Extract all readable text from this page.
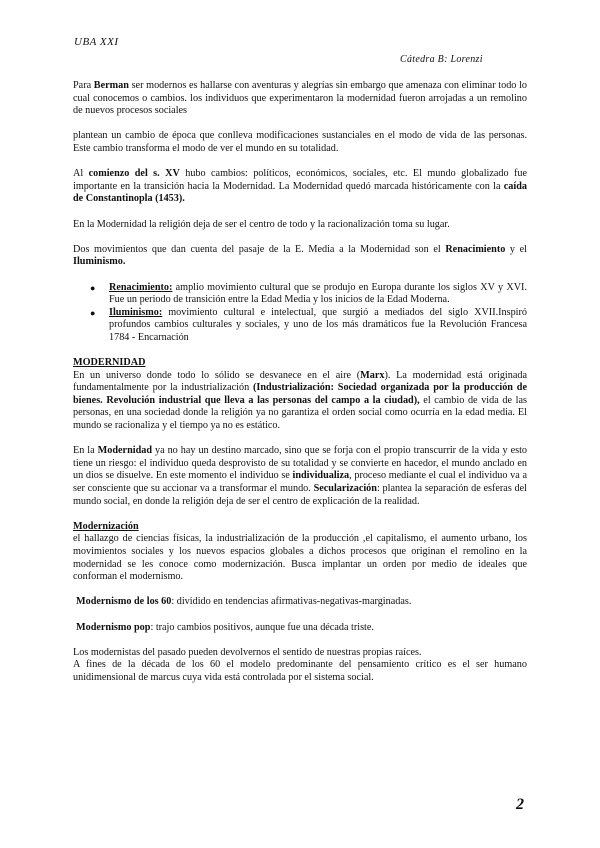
UBA XXI
Cátedra B: Lorenzi

Para Berman ser modernos es hallarse con aventuras y alegrías sin embargo que amenaza con eliminar todo lo cual conocemos o cambios. los individuos que experimentaron la modernidad fueron arrojadas a un remolino de nuevos procesos sociales

plantean un cambio de época que conlleva modificaciones sustanciales en el modo de vida de las personas. Este cambio transforma el modo de ver el mundo en su totalidad.

Al comienzo del s. XV hubo cambios: políticos, económicos, sociales, etc. El mundo globalizado fue importante en la transición hacia la Modernidad. La Modernidad quedó marcada históricamente con la caída de Constantinopla (1453).

En la Modernidad la religión deja de ser el centro de todo y la racionalización toma su lugar.

Dos movimientos que dan cuenta del pasaje de la E. Media a la Modernidad son el Renacimiento y el Iluminismo.

● Renacimiento: amplio movimiento cultural que se produjo en Europa durante los siglos XV y XVI. Fue un periodo de transición entre la Edad Media y los inicios de la Edad Moderna.
● Iluminismo: movimiento cultural e intelectual, que surgió a mediados del siglo XVII.Inspiró profundos cambios culturales y sociales, y uno de los más dramáticos fue la Revolución Francesa 1784 - Encarnación

MODERNIDAD

En un universo donde todo lo sólido se desvanece en el aire (Marx). La modernidad está originada fundamentalmente por la industrialización (Industrialización: Sociedad organizada por la producción de bienes. Revolución industrial que lleva a las personas del campo a la ciudad), el cambio de vida de las personas, en una sociedad donde la religión ya no garantiza el orden social como ocurría en la edad media. El mundo se racionaliza y el tiempo ya no es estático.

En la Modernidad ya no hay un destino marcado, sino que se forja con el propio transcurrir de la vida y esto tiene un riesgo: el individuo queda desprovisto de su totalidad y se convierte en hacedor, el mundo anclado en un dios se disuelve. En este momento el individuo se individualiza, proceso mediante el cual el individuo va a ser consciente que su accionar va a transformar el mundo. Secularización: plantea la separación de esferas del mundo social, en donde la religión deja de ser el centro de explicación de la realidad.

Modernización

el hallazgo de ciencias físicas, la industrialización de la producción ,el capitalismo, el aumento urbano, los movimientos sociales y los nuevos espacios globales a dichos procesos que originan el remolino en la modernidad se les conoce como modernización. Busca implantar un orden por medio de ideales que conforman el modernismo.

Modernismo de los 60: dividido en tendencias afirmativas-negativas-marginadas.

Modernismo pop: trajo cambios positivos, aunque fue una década triste.

Los modernistas del pasado pueden devolvernos el sentido de nuestras propias raíces.

A fines de la década de los 60 el modelo predominante del pensamiento crítico es el ser humano unidimensional de marcus cuya vida está controlada por el sistema social.

2
